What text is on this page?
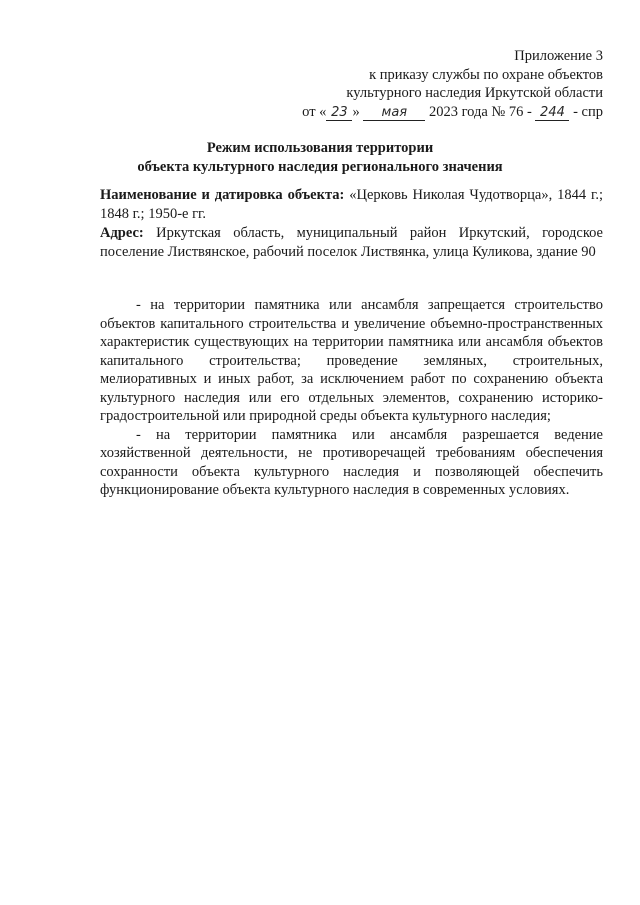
Приложение 3
к приказу службы по охране объектов
культурного наследия Иркутской области
от « 23 » мая 2023 года № 76 - 244 - спр
Режим использования территории
объекта культурного наследия регионального значения

Наименование и датировка объекта: «Церковь Николая Чудотворца», 1844 г.; 1848 г.; 1950-е гг.

Адрес: Иркутская область, муниципальный район Иркутский, городское поселение Листвянское, рабочий поселок Листвянка, улица Куликова, здание 90

- на территории памятника или ансамбля запрещается строительство объектов капитального строительства и увеличение объемно-пространственных характеристик существующих на территории памятника или ансамбля объектов капитального строительства; проведение земляных, строительных, мелиоративных и иных работ, за исключением работ по сохранению объекта культурного наследия или его отдельных элементов, сохранению историко-градостроительной или природной среды объекта культурного наследия;

- на территории памятника или ансамбля разрешается ведение хозяйственной деятельности, не противоречащей требованиям обеспечения сохранности объекта культурного наследия и позволяющей обеспечить функционирование объекта культурного наследия в современных условиях.
